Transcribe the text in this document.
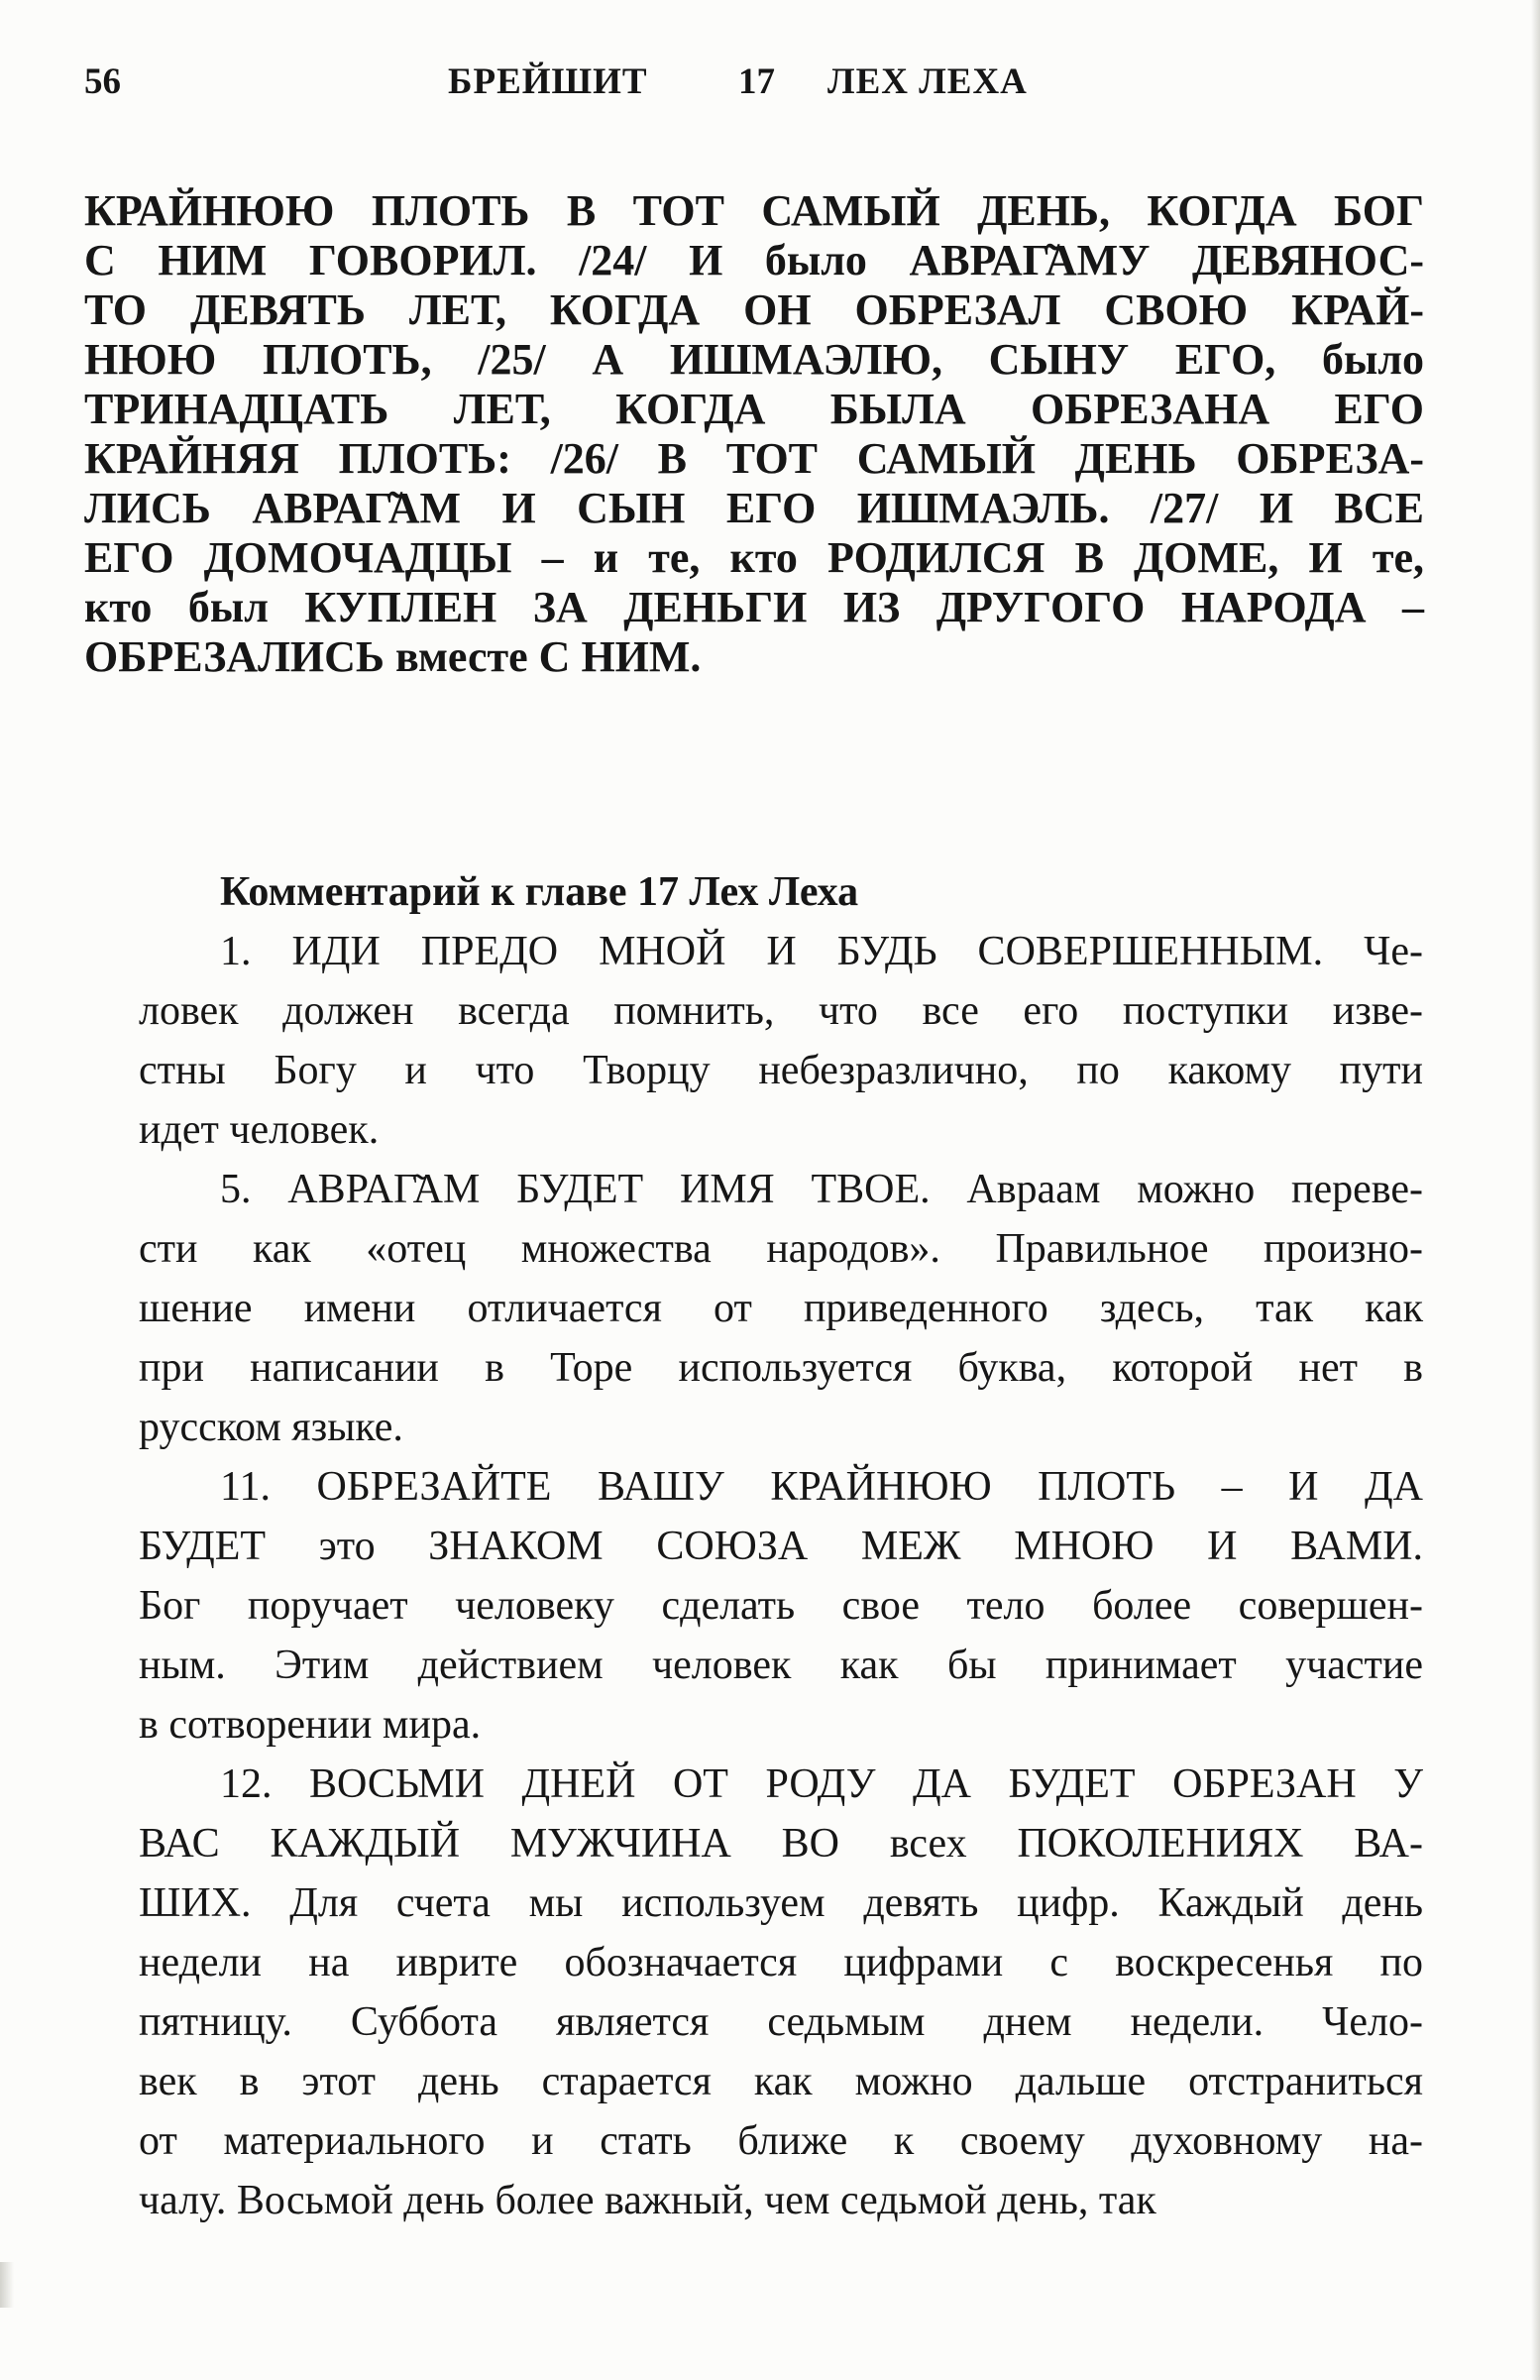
56	БРЕЙШИТ 17 ЛЕХ ЛЕХА
КРАЙНЮЮ ПЛОТЬ В ТОТ САМЫЙ ДЕНЬ, КОГДА БОГ
С НИМ ГОВОРИЛ. /24/ И было АВРАГ̃АМУ ДЕВЯНОС-
ТО ДЕВЯТЬ ЛЕТ, КОГДА ОН ОБРЕЗАЛ СВОЮ КРАЙ-
НЮЮ ПЛОТЬ, /25/ А ИШМАЭЛЮ, СЫНУ ЕГО, было
ТРИНАДЦАТЬ ЛЕТ, КОГДА БЫЛА ОБРЕЗАНА ЕГО
КРАЙНЯЯ ПЛОТЬ: /26/ В ТОТ САМЫЙ ДЕНЬ ОБРЕЗА-
ЛИСЬ АВРАГ̃АМ И СЫН ЕГО ИШМАЭЛЬ. /27/ И ВСЕ
ЕГО ДОМОЧАДЦЫ – и те, кто РОДИЛСЯ В ДОМЕ, И те,
кто был КУПЛЕН ЗА ДЕНЬГИ ИЗ ДРУГОГО НАРОДА –
ОБРЕЗАЛИСЬ вместе С НИМ.
Комментарий к главе 17 Лех Леха
1. ИДИ ПРЕДО МНОЙ И БУДЬ СОВЕРШЕННЫМ. Че-
ловек должен всегда помнить, что все его поступки изве-
стны Богу и что Творцу небезразлично, по какому пути
идет человек.
5. АВРАГ̃АМ БУДЕТ ИМЯ ТВОЕ. Авраам можно переве-
сти как «отец множества народов». Правильное произно-
шение имени отличается от приведенного здесь, так как
при написании в Торе используется буква, которой нет в
русском языке.
11. ОБРЕЗАЙТЕ ВАШУ КРАЙНЮЮ ПЛОТЬ – И ДА
БУДЕТ это ЗНАКОМ СОЮЗА МЕЖ МНОЮ И ВАМИ.
Бог поручает человеку сделать свое тело более совершен-
ным. Этим действием человек как бы принимает участие
в сотворении мира.
12. ВОСЬМИ ДНЕЙ ОТ РОДУ ДА БУДЕТ ОБРЕЗАН У
ВАС КАЖДЫЙ МУЖЧИНА ВО всех ПОКОЛЕНИЯХ ВА-
ШИХ. Для счета мы используем девять цифр. Каждый день
недели на иврите обозначается цифрами с воскресенья по
пятницу. Суббота является седьмым днем недели. Чело-
век в этот день старается как можно дальше отстраниться
от материального и стать ближе к своему духовному на-
чалу. Восьмой день более важный, чем седьмой день, так
